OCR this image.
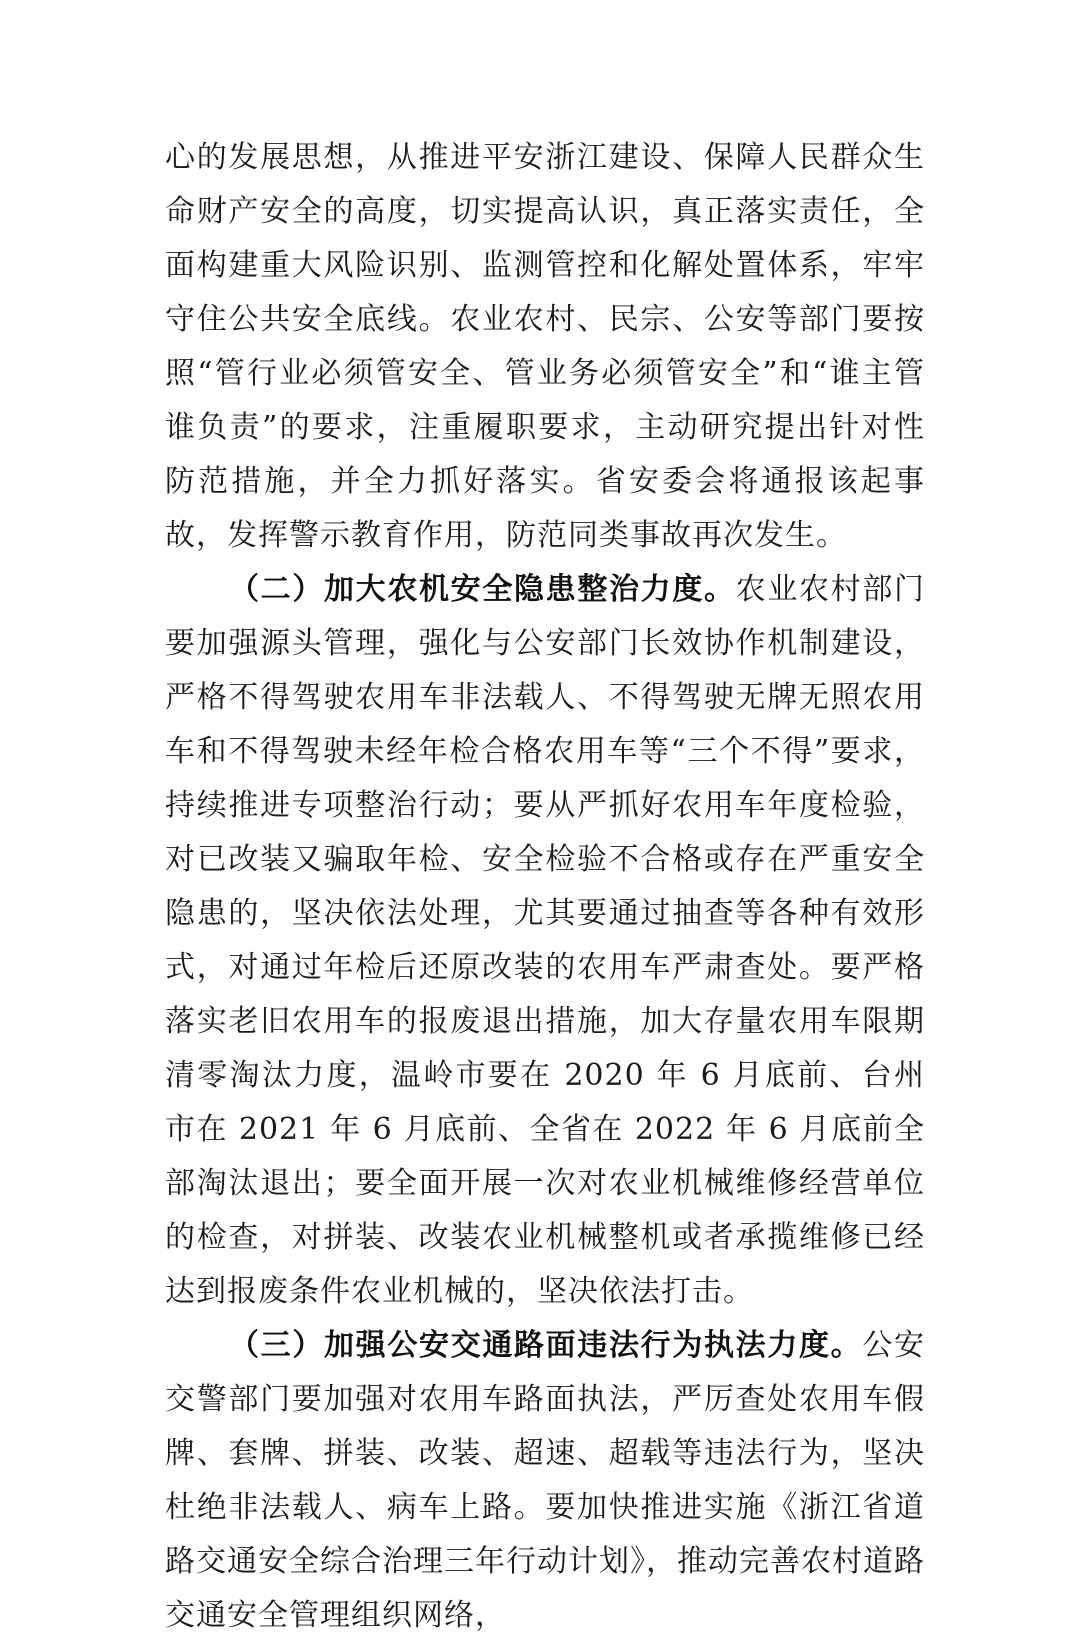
心的发展思想，从推进平安浙江建设、保障人民群众生命财产安全的高度，切实提高认识，真正落实责任，全面构建重大风险识别、监测管控和化解处置体系，牢牢守住公共安全底线。农业农村、民宗、公安等部门要按照“管行业必须管安全、管业务必须管安全”和“谁主管谁负责”的要求，注重履职要求，主动研究提出针对性防范措施，并全力抓好落实。省安委会将通报该起事故，发挥警示教育作用，防范同类事故再次发生。

（二）加大农机安全隐患整治力度。农业农村部门要加强源头管理，强化与公安部门长效协作机制建设，严格不得驾驶农用车非法载人、不得驾驶无牌无照农用车和不得驾驶未经年检合格农用车等“三个不得”要求，持续推进专项整治行动；要从严抓好农用车年度检验，对已改装又骗取年检、安全检验不合格或存在严重安全隐患的，坚决依法处理，尤其要通过抽查等各种有效形式，对通过年检后还原改装的农用车严肃查处。要严格落实老旧农用车的报废退出措施，加大存量农用车限期清零淘汰力度，温岭市要在 2020 年 6 月底前、台州市在 2021 年 6 月底前、全省在 2022 年 6 月底前全部淘汰退出；要全面开展一次对农业机械维修经营单位的检查，对拼装、改装农业机械整机或者承揽维修已经达到报废条件农业机械的，坚决依法打击。

（三）加强公安交通路面违法行为执法力度。公安交警部门要加强对农用车路面执法，严厉查处农用车假牌、套牌、拼装、改装、超速、超载等违法行为，坚决杜绝非法载人、病车上路。要加快推进实施《浙江省道路交通安全综合治理三年行动计划》，推动完善农村道路交通安全管理组织网络，
